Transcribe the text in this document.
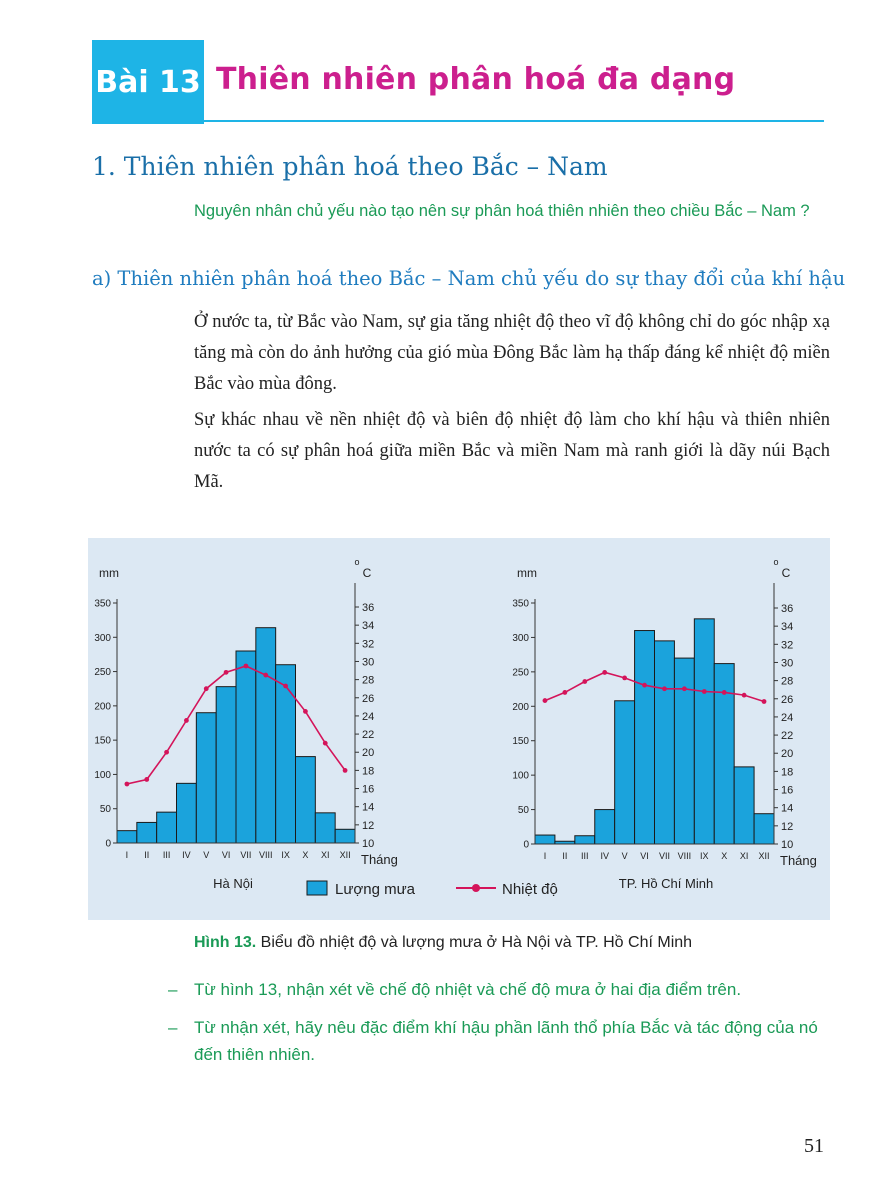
Bài 13 Thiên nhiên phân hoá đa dạng
1. Thiên nhiên phân hoá theo Bắc – Nam
Nguyên nhân chủ yếu nào tạo nên sự phân hoá thiên nhiên theo chiều Bắc – Nam ?
a) Thiên nhiên phân hoá theo Bắc – Nam chủ yếu do sự thay đổi của khí hậu
Ở nước ta, từ Bắc vào Nam, sự gia tăng nhiệt độ theo vĩ độ không chỉ do góc nhập xạ tăng mà còn do ảnh hưởng của gió mùa Đông Bắc làm hạ thấp đáng kể nhiệt độ miền Bắc vào mùa đông.
Sự khác nhau về nền nhiệt độ và biên độ nhiệt độ làm cho khí hậu và thiên nhiên nước ta có sự phân hoá giữa miền Bắc và miền Nam mà ranh giới là dãy núi Bạch Mã.
0
50
100
150
200
250
300
350
10
12
14
16
18
20
22
24
26
28
30
32
34
36
I II III IV V VI VII VIII IX X XI XII
mm
o
C
Tháng
Hà Nội
0
50
100
150
200
250
300
350
10
12
14
16
18
20
22
24
26
28
30
32
34
36
I II III IV V VI VII VIII IX X XI XII
mm
o
C
Tháng
TP. Hồ Chí Minh
Lượng mưa	Nhiệt độ
Hình 13. Biểu đồ nhiệt độ và lượng mưa ở Hà Nội và TP. Hồ Chí Minh
– Từ hình 13, nhận xét về chế độ nhiệt và chế độ mưa ở hai địa điểm trên.
– Từ nhận xét, hãy nêu đặc điểm khí hậu phần lãnh thổ phía Bắc và tác động của nó đến thiên nhiên.
51
